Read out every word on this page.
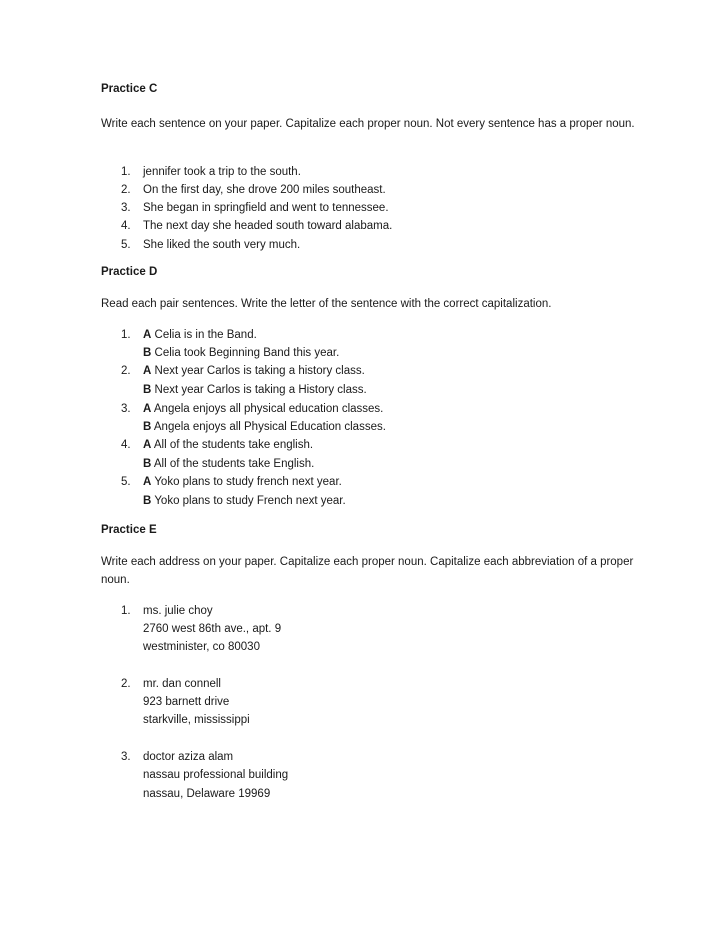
Practice C
Write each sentence on your paper. Capitalize each proper noun. Not every sentence has a proper noun.
1.	jennifer took a trip to the south.
2.	On the first day, she drove 200 miles southeast.
3.	She began in springfield and went to tennessee.
4.	The next day she headed south toward alabama.
5.	She liked the south very much.
Practice D
Read each pair sentences. Write the letter of the sentence with the correct capitalization.
1.	A Celia is in the Band.
B Celia took Beginning Band this year.
2.	A Next year Carlos is taking a history class.
B Next year Carlos is taking a History class.
3.	A Angela enjoys all physical education classes.
B Angela enjoys all Physical Education classes.
4.	A All of the students take english.
B All of the students take English.
5.	A Yoko plans to study french next year.
B Yoko plans to study French next year.
Practice E
Write each address on your paper. Capitalize each proper noun. Capitalize each abbreviation of a proper noun.
1.	ms. julie choy
2760 west 86th ave., apt. 9
westminister, co 80030
2.	mr. dan connell
923 barnett drive
starkville, mississippi
3.	doctor aziza alam
nassau professional building
nassau, Delaware 19969
